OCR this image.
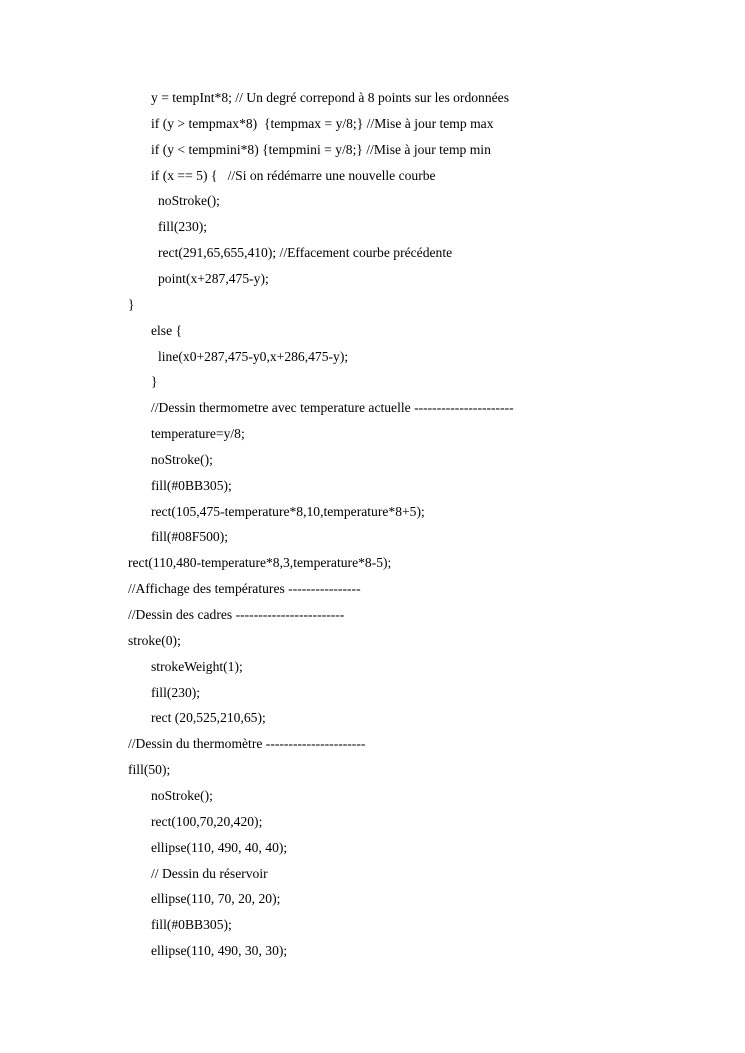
y = tempInt*8; // Un degré correpond à 8 points sur les ordonnées
if (y > tempmax*8)  {tempmax = y/8;} //Mise à jour temp max
if (y < tempmini*8) {tempmini = y/8;} //Mise à jour temp min
if (x == 5) {   //Si on rédémarre une nouvelle courbe
noStroke();
fill(230);
rect(291,65,655,410); //Effacement courbe précédente
point(x+287,475-y);
}
else {
line(x0+287,475-y0,x+286,475-y);
}
//Dessin thermometre avec temperature actuelle ----------------------
temperature=y/8;
noStroke();
fill(#0BB305);
rect(105,475-temperature*8,10,temperature*8+5);
fill(#08F500);
rect(110,480-temperature*8,3,temperature*8-5);
//Affichage des températures ----------------
//Dessin des cadres ------------------------
stroke(0);
strokeWeight(1);
fill(230);
rect (20,525,210,65);
//Dessin du thermomètre ----------------------
fill(50);
noStroke();
rect(100,70,20,420);
ellipse(110, 490, 40, 40);
// Dessin du réservoir
ellipse(110, 70, 20, 20);
fill(#0BB305);
ellipse(110, 490, 30, 30);
